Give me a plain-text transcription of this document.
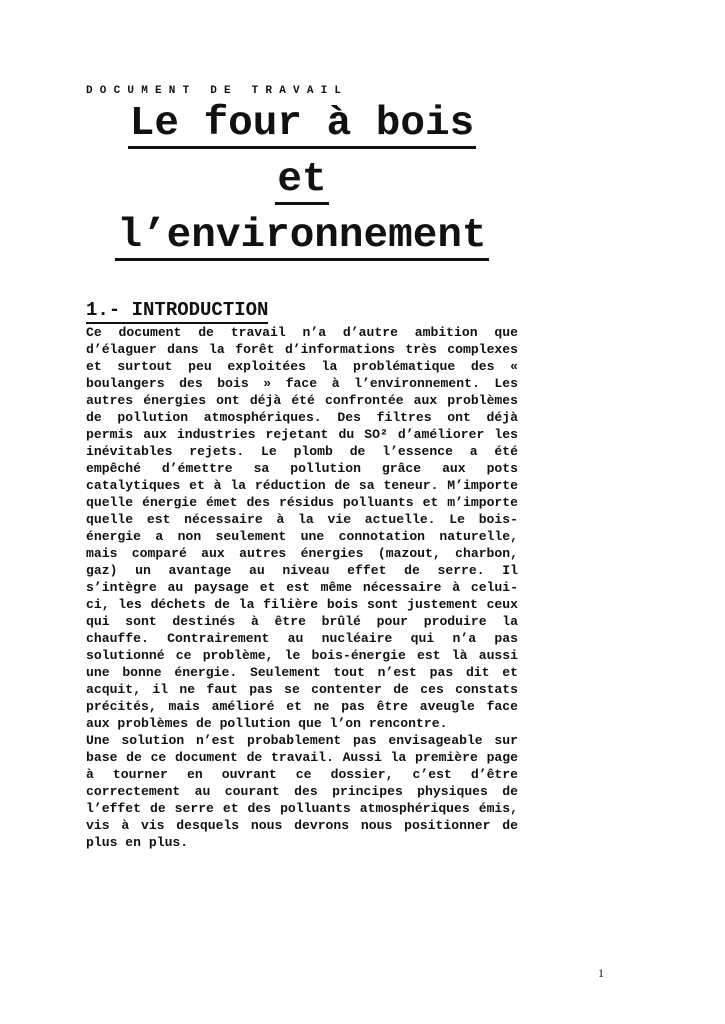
DOCUMENT DE TRAVAIL
Le four à bois
et
l’environnement
1.- INTRODUCTION

Ce document de travail n’a d’autre ambition que d’élaguer dans la forêt d’informations très complexes et surtout peu exploitées la problématique des « boulangers des bois » face à l’environnement. Les autres énergies ont déjà été confrontée aux problèmes de pollution atmosphériques. Des filtres ont déjà permis aux industries rejetant du SO² d’améliorer les inévitables rejets. Le plomb de l’essence a été empêché d’émettre sa pollution grâce aux pots catalytiques et à la réduction de sa teneur. M’importe quelle énergie émet des résidus polluants et m’importe quelle est nécessaire à la vie actuelle. Le bois-énergie a non seulement une connotation naturelle, mais comparé aux autres énergies (mazout, charbon, gaz) un avantage au niveau effet de serre. Il s’intègre au paysage et est même nécessaire à celui-ci, les déchets de la filière bois sont justement ceux qui sont destinés à être brûlé pour produire la chauffe. Contrairement au nucléaire qui n’a pas solutionné ce problème, le bois-énergie est là aussi une bonne énergie. Seulement tout n’est pas dit et acquit, il ne faut pas se contenter de ces constats précités, mais amélioré et ne pas être aveugle face aux problèmes de pollution que l’on rencontre.

Une solution n’est probablement pas envisageable sur base de ce document de travail. Aussi la première page à tourner en ouvrant ce dossier, c’est d’être correctement au courant des principes physiques de l’effet de serre et des polluants atmosphériques émis, vis à vis desquels nous devrons nous positionner de plus en plus.

1
